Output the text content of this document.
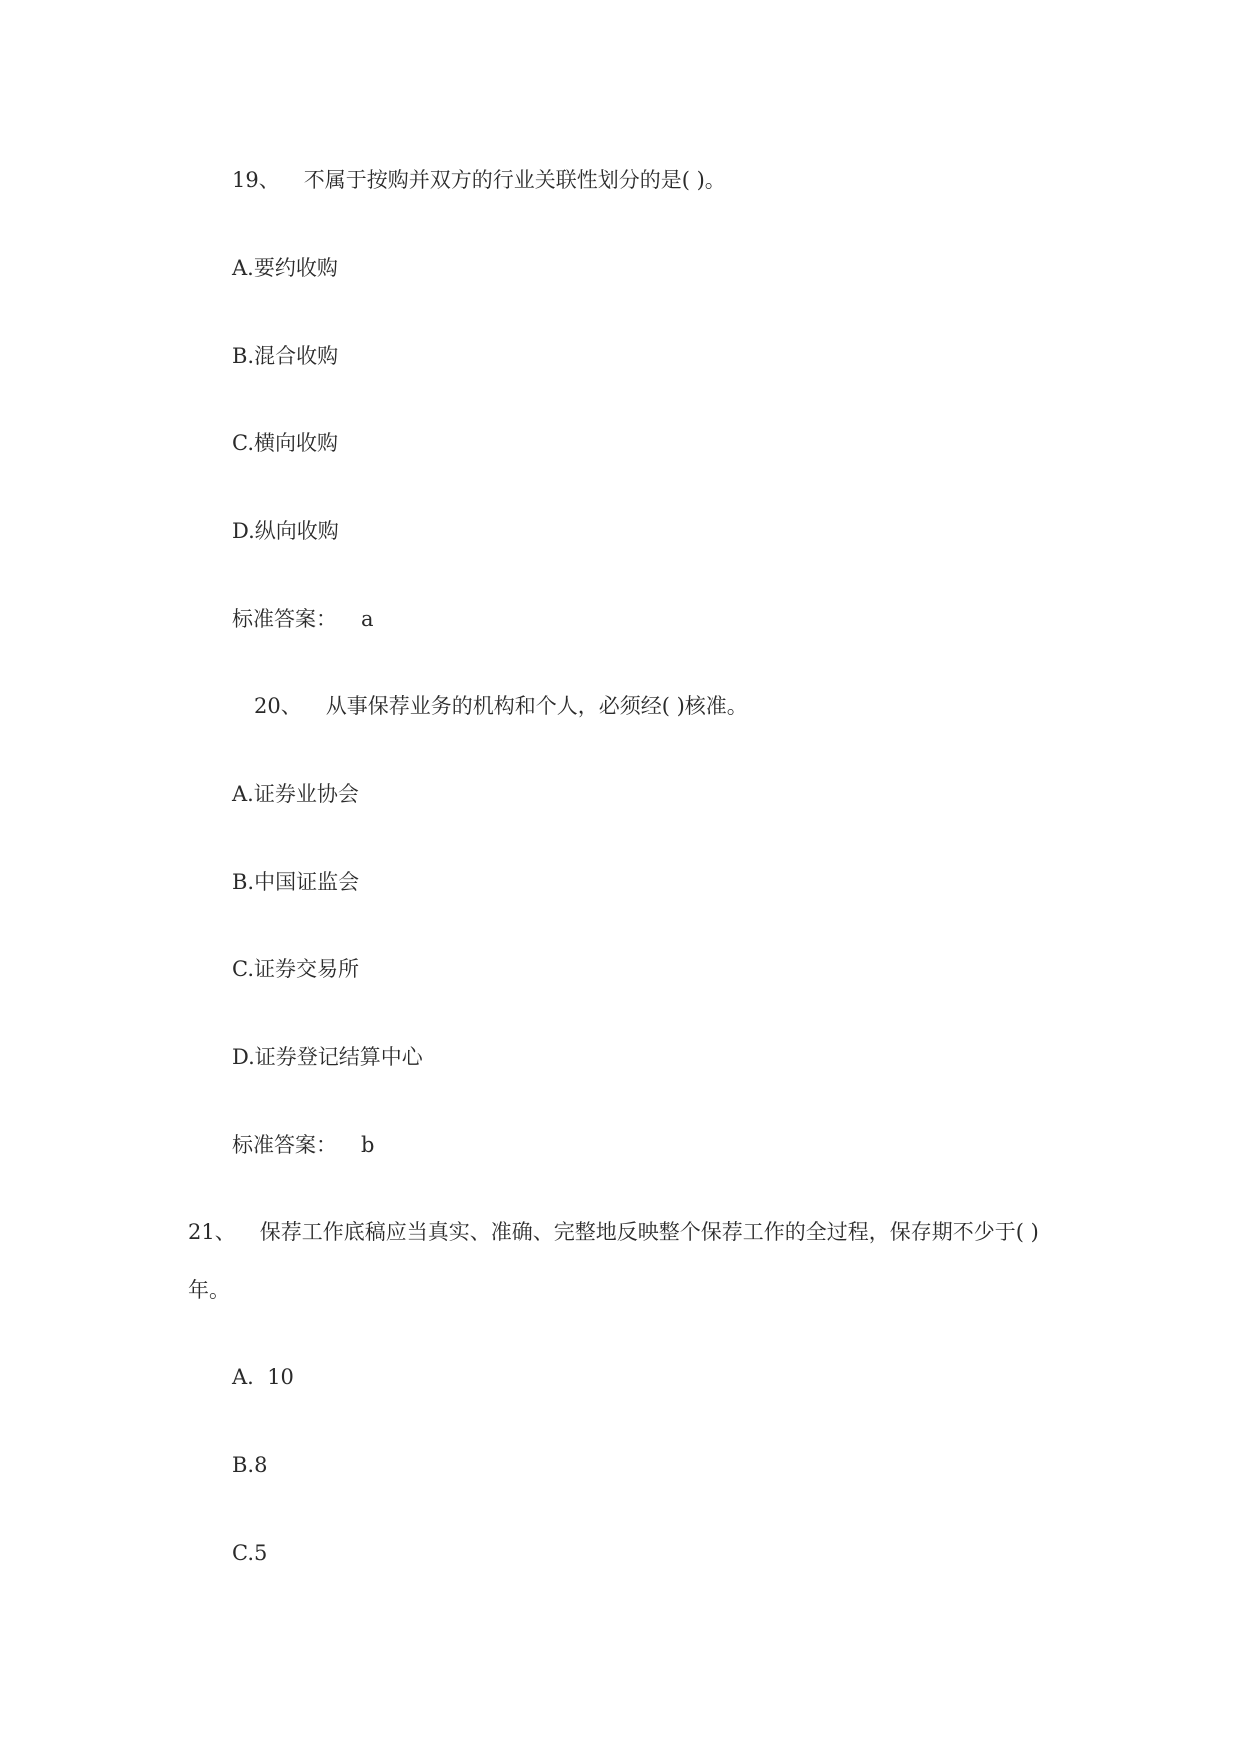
19、 不属于按购并双方的行业关联性划分的是( )。
A.要约收购
B.混合收购
C.横向收购
D.纵向收购
标准答案： a
20、 从事保荐业务的机构和个人，必须经( )核准。
A.证券业协会
B.中国证监会
C.证券交易所
D.证券登记结算中心
标准答案： b
21、 保荐工作底稿应当真实、准确、完整地反映整个保荐工作的全过程，保存期不少于( )
年。
A.  10
B.8
C.5
